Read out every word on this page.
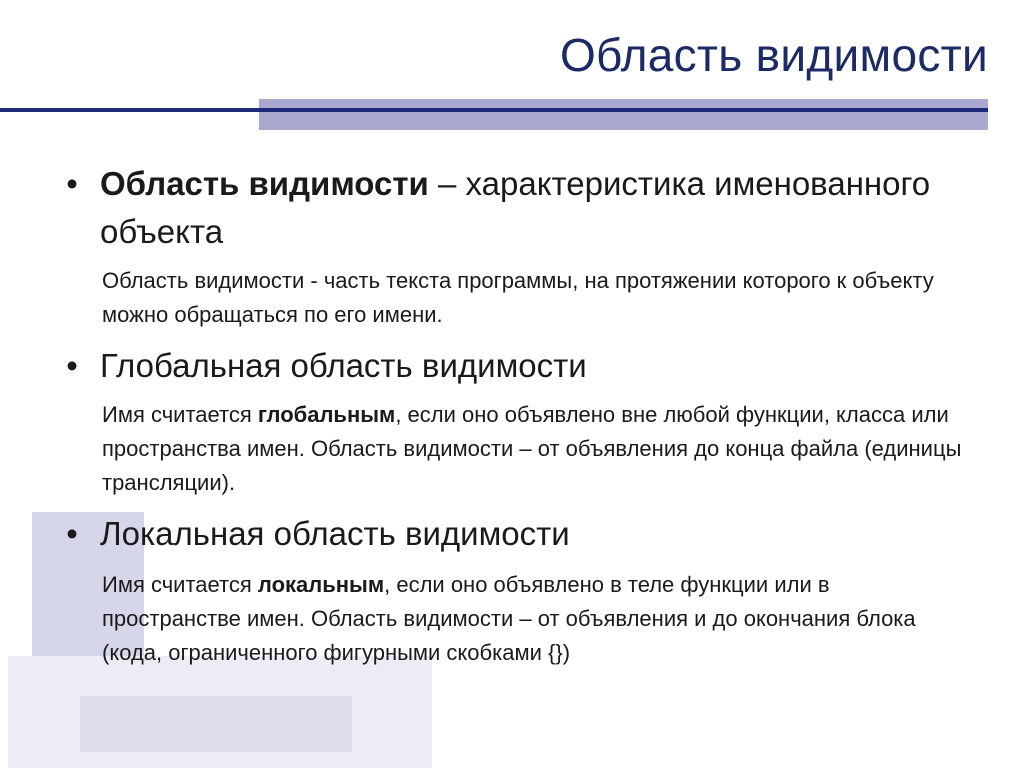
Область видимости
• Область видимости – характеристика именованного объекта
Область видимости - часть текста программы, на протяжении которого к объекту можно обращаться по его имени.
• Глобальная область видимости
Имя считается глобальным, если оно объявлено вне любой функции, класса или пространства имен. Область видимости – от объявления до конца файла (единицы трансляции).
• Локальная область видимости
Имя считается локальным, если оно объявлено в теле функции или в пространстве имен. Область видимости – от объявления и до окончания блока (кода, ограниченного фигурными скобками {})
